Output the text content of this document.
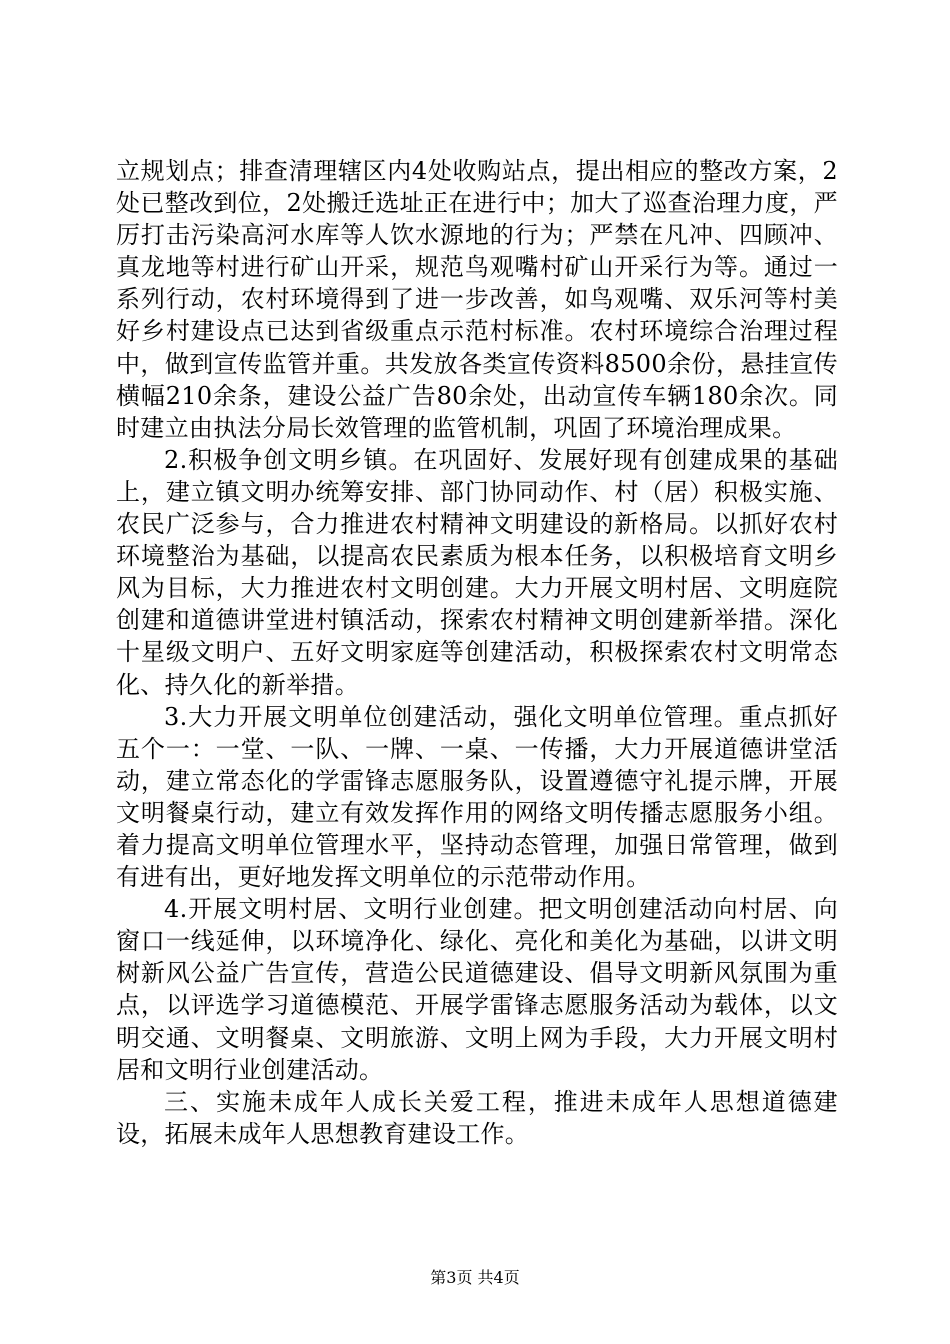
立规划点；排查清理辖区内4处收购站点，提出相应的整改方案，2处已整改到位，2处搬迁选址正在进行中；加大了巡查治理力度，严厉打击污染高河水库等人饮水源地的行为；严禁在凡冲、四顾冲、真龙地等村进行矿山开采，规范鸟观嘴村矿山开采行为等。通过一系列行动，农村环境得到了进一步改善，如鸟观嘴、双乐河等村美好乡村建设点已达到省级重点示范村标准。农村环境综合治理过程中，做到宣传监管并重。共发放各类宣传资料8500余份，悬挂宣传横幅210余条，建设公益广告80余处，出动宣传车辆180余次。同时建立由执法分局长效管理的监管机制，巩固了环境治理成果。

2.积极争创文明乡镇。在巩固好、发展好现有创建成果的基础上，建立镇文明办统筹安排、部门协同动作、村（居）积极实施、农民广泛参与，合力推进农村精神文明建设的新格局。以抓好农村环境整治为基础，以提高农民素质为根本任务，以积极培育文明乡风为目标，大力推进农村文明创建。大力开展文明村居、文明庭院创建和道德讲堂进村镇活动，探索农村精神文明创建新举措。深化十星级文明户、五好文明家庭等创建活动，积极探索农村文明常态化、持久化的新举措。

3.大力开展文明单位创建活动，强化文明单位管理。重点抓好五个一：一堂、一队、一牌、一桌、一传播，大力开展道德讲堂活动，建立常态化的学雷锋志愿服务队，设置遵德守礼提示牌，开展文明餐桌行动，建立有效发挥作用的网络文明传播志愿服务小组。着力提高文明单位管理水平，坚持动态管理，加强日常管理，做到有进有出，更好地发挥文明单位的示范带动作用。

4.开展文明村居、文明行业创建。把文明创建活动向村居、向窗口一线延伸，以环境净化、绿化、亮化和美化为基础，以讲文明树新风公益广告宣传，营造公民道德建设、倡导文明新风氛围为重点，以评选学习道德模范、开展学雷锋志愿服务活动为载体，以文明交通、文明餐桌、文明旅游、文明上网为手段，大力开展文明村居和文明行业创建活动。

三、实施未成年人成长关爱工程，推进未成年人思想道德建设，拓展未成年人思想教育建设工作。

第3页 共4页
